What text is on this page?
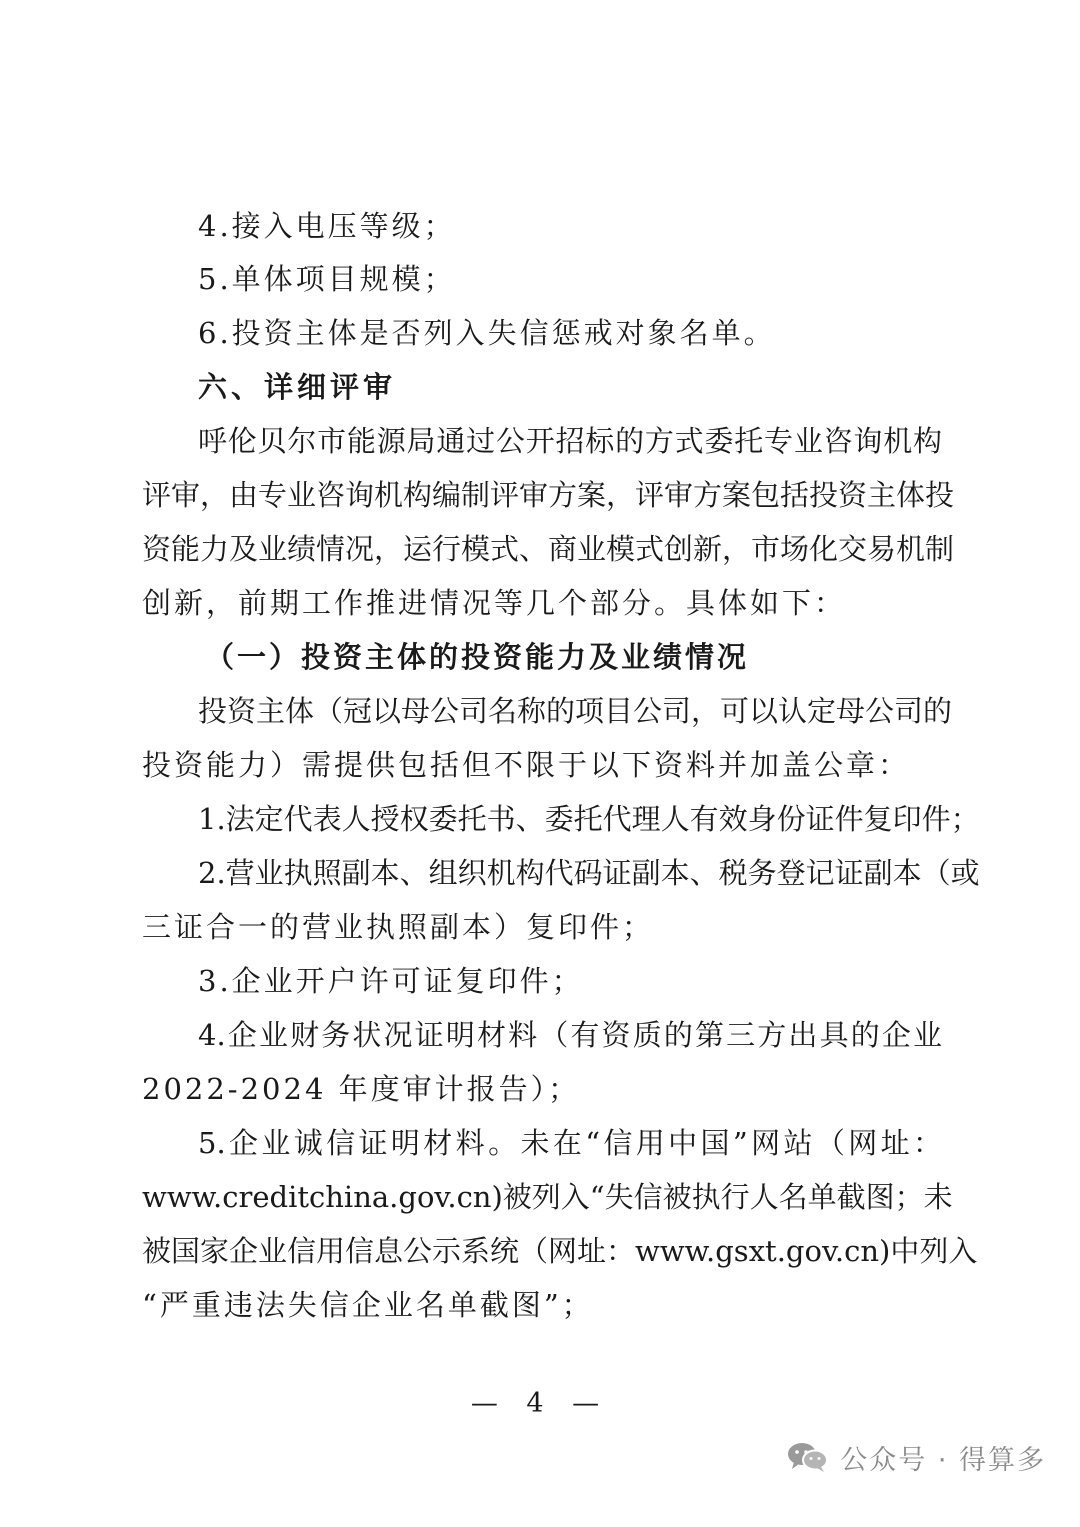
4.接入电压等级；
5.单体项目规模；
6.投资主体是否列入失信惩戒对象名单。
六、详细评审
呼伦贝尔市能源局通过公开招标的方式委托专业咨询机构
评审，由专业咨询机构编制评审方案，评审方案包括投资主体投
资能力及业绩情况，运行模式、商业模式创新，市场化交易机制
创新，前期工作推进情况等几个部分。具体如下：
（一）投资主体的投资能力及业绩情况
投资主体（冠以母公司名称的项目公司，可以认定母公司的
投资能力）需提供包括但不限于以下资料并加盖公章：
1.法定代表人授权委托书、委托代理人有效身份证件复印件；
2.营业执照副本、组织机构代码证副本、税务登记证副本（或
三证合一的营业执照副本）复印件；
3.企业开户许可证复印件；
4.企业财务状况证明材料（有资质的第三方出具的企业
2022-2024 年度审计报告）；
5.企业诚信证明材料。未在“信用中国”网站（网址：
www.creditchina.gov.cn)被列入“失信被执行人名单截图；未
被国家企业信用信息公示系统（网址：www.gsxt.gov.cn)中列入
“严重违法失信企业名单截图”；
— 4 —
公众号 · 得算多
